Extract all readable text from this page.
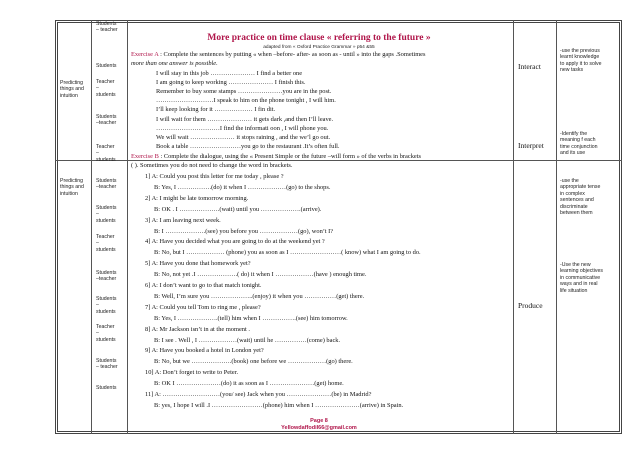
Predicting
things and
intuition
Predicting
things and
intuition
Students
– teacher
Students
Teacher
–
students
Students
–teacher
Teacher
–
students
Students
–teacher
Students
–
students
Teacher
–
students
Students
–teacher
Students
–
students
Teacher
–
students
Students
– teacher
Students
More practice on time clause « referring to the future »
adapted from « Oxford Practice Grammar » p54 &55
Exercise A : Complete the sentences by putting « when –before- after- as soon as - until » into the gaps .Sometimes
more than one answer is possible.
I will stay in this job ………………… I find a better one
I am going to keep working ………………… I finish this.
Remember to buy some stamps …………………you are in the post.
………………………I speak to him on the phone tonight , I will him.
I’ll keep looking for it ……………… I fin dit.
I will wait for them ………………… it gets dark ,and then I’ll leave.
…………………………I find the informati oon , I will phone you.
We will wait ………………… it stops raining , and the we’l go out.
Book a table ……………………you go to the restaurant .It’s often full.
Exercise B : Complete the dialogue, using the « Present Simple or the future –will form » of the verbs in brackets
( ). Sometimes you do not need to change the word in brackets.
1] A: Could you post this letter for me today , please ?
B: Yes, I …………….(do) it when I ………………(go) to the shops.
2] A: I might be late tomorrow morning.
B: OK . I ……………….(wait) until you ……………….(arrive).
3] A: I am leaving next week.
B: I ……………….(see) you before you ………………(go), won’t I?
4] A: Have you decided what you are going to do at the weekend yet ?
B: No, but I ……………… (phone) you as soon as I ……………………( know) what I am going to do.
5] A: Have you done that homework yet?
B: No, not yet .I ……………….( do) it when I ………………(have ) enough time.
6] A: I don’t want to go to that match tonight.
B: Well, I’m sure you ………………..(enjoy) it when you ……………(get) there.
7] A: Could you tell Tom to ring me , please?
B: Yes, I ……………….(tell) him when I …………….(see) him tomorrow.
8] A: Mr Jackson isn’t in at the moment .
B: I see . Well , I ………………(wait) until he ……………(come) back.
9] A: Have you booked a hotel in London yet?
B: No, but we ……………….(book) one before we ………………(go) there.
10] A: Don’t forget to write to Peter.
B: OK I …………………(do) it as soon as I …………………(get) home.
11] A: ………………………(you/ see) Jack when you …………………(be) in Madrid?
B: yes, I hope I will .I ……………………(phone) him when I …………………(arrive) in Spain.
Page 8
Yellowdaffodil66@gmail.com
Interact
Interpret
Produce
-use the previous
learnt knowledge
to apply it to solve
new tasks
-Identify the
meaning f each
time conjunction
and its use
-use the
appropriate tense
in complex
sentences and
discriminate
between them
-Use the new
learning objectives
in communicative
ways and in real
life situation
